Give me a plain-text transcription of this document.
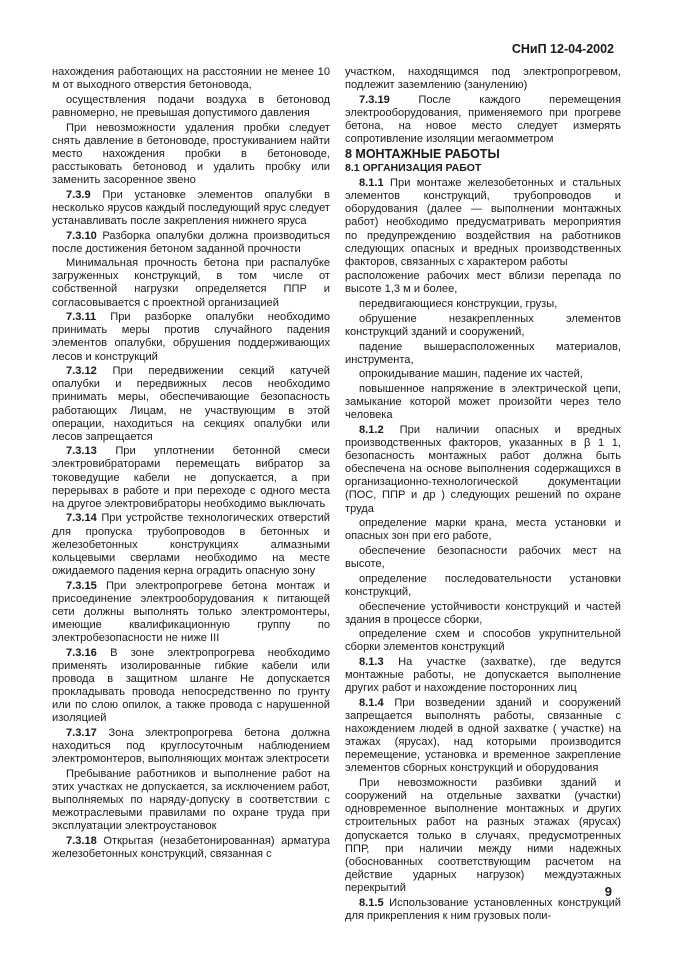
СНиП 12-04-2002

нахождения работающих на расстоянии не менее 10 м от выходного отверстия бетоновода,

осуществления подачи воздуха в бетоновод равномерно, не превышая допустимого давления

При невозможности удаления пробки следует снять давление в бетоноводе, простукиванием найти место нахождения пробки в бетоноводе, расстыковать бетоновод и удалить пробку или заменить засоренное звено

7.3.9 При установке элементов опалубки в несколько ярусов каждый последующий ярус следует устанавливать после закрепления нижнего яруса

7.3.10 Разборка опалубки должна производиться после достижения бетоном заданной прочности

Минимальная прочность бетона при распалубке загруженных конструкций, в том числе от собственной нагрузки определяется ППР и согласовывается с проектной организацией

7.3.11 При разборке опалубки необходимо принимать меры против случайного падения элементов опалубки, обрушения поддерживающих лесов и конструкций

7.3.12 При передвижении секций катучей опалубки и передвижных лесов необходимо принимать меры, обеспечивающие безопасность работающих Лицам, не участвующим в этой операции, находиться на секциях опалубки или лесов запрещается

7.3.13 При уплотнении бетонной смеси электровибраторами перемещать вибратор за токоведущие кабели не допускается, а при перерывах в работе и при переходе с одного места на другое электровибраторы необходимо выключать

7.3.14 При устройстве технологических отверстий для пропуска трубопроводов в бетонных и железобетонных конструкциях алмазными кольцевыми сверлами необходимо на месте ожидаемого падения керна оградить опасную зону

7.3.15 При электропрогреве бетона монтаж и присоединение электрооборудования к питающей сети должны выполнять только электромонтеры, имеющие квалификационную группу по электробезопасности не ниже III

7.3.16 В зоне электропрогрева необходимо применять изолированные гибкие кабели или провода в защитном шланге Не допускается прокладывать провода непосредственно по грунту или по слою опилок, а также провода с нарушенной изоляцией

7.3.17 Зона электропрогрева бетона должна находиться под круглосуточным наблюдением электромонтеров, выполняющих монтаж электросети

Пребывание работников и выполнение работ на этих участках не допускается, за исключением работ, выполняемых по наряду-допуску в соответствии с межотраслевыми правилами по охране труда при эксплуатации электроустановок

7.3.18 Открытая (незабетонированная) арматура железобетонных конструкций, связанная с

участком, находящимся под электропрогревом, подлежит заземлению (занулению)

7.3.19 После каждого перемещения электрооборудования, применяемого при прогреве бетона, на новое место следует измерять сопротивление изоляции мегаомметром

8 МОНТАЖНЫЕ РАБОТЫ

8.1 ОРГАНИЗАЦИЯ РАБОТ

8.1.1 При монтаже железобетонных и стальных элементов конструкций, трубопроводов и оборудования (далее — выполнении монтажных работ) необходимо предусматривать мероприятия по предупреждению воздействия на работников следующих опасных и вредных производственных факторов, связанных с характером работы

расположение рабочих мест вблизи перепада по высоте 1,3 м и более,

передвигающиеся конструкции, грузы,

обрушение незакрепленных элементов конструкций зданий и сооружений,

падение вышерасположенных материалов, инструмента,

опрокидывание машин, падение их частей,

повышенное напряжение в электрической цепи, замыкание которой может произойти через тело человека

8.1.2 При наличии опасных и вредных производственных факторов, указанных в β 1 1, безопасность монтажных работ должна быть обеспечена на основе выполнения содержащихся в организационно-технологической документации (ПОС, ППР и др ) следующих решений по охране труда

определение марки крана, места установки и опасных зон при его работе,

обеспечение безопасности рабочих мест на высоте,

определение последовательности установки конструкций,

обеспечение устойчивости конструкций и частей здания в процессе сборки,

определение схем и способов укрупнительной сборки элементов конструкций

8.1.3 На участке (захватке), где ведутся монтажные работы, не допускается выполнение других работ и нахождение посторонних лиц

8.1.4 При возведении зданий и сооружений запрещается выполнять работы, связанные с нахождением людей в одной захватке ( участке) на этажах (ярусах), над которыми производится перемещение, установка и временное закрепление элементов сборных конструкций и оборудования

При невозможности разбивки зданий и сооружений на отдельные захватки (участки) одновременное выполнение монтажных и других строительных работ на разных этажах (ярусах) допускается только в случаях, предусмотренных ППР, при наличии между ними надежных (обоснованных соответствующим расчетом на действие ударных нагрузок) междуэтажных перекрытий

8.1.5 Использование установленных конструкций для прикрепления к ним грузовых поли-

9
